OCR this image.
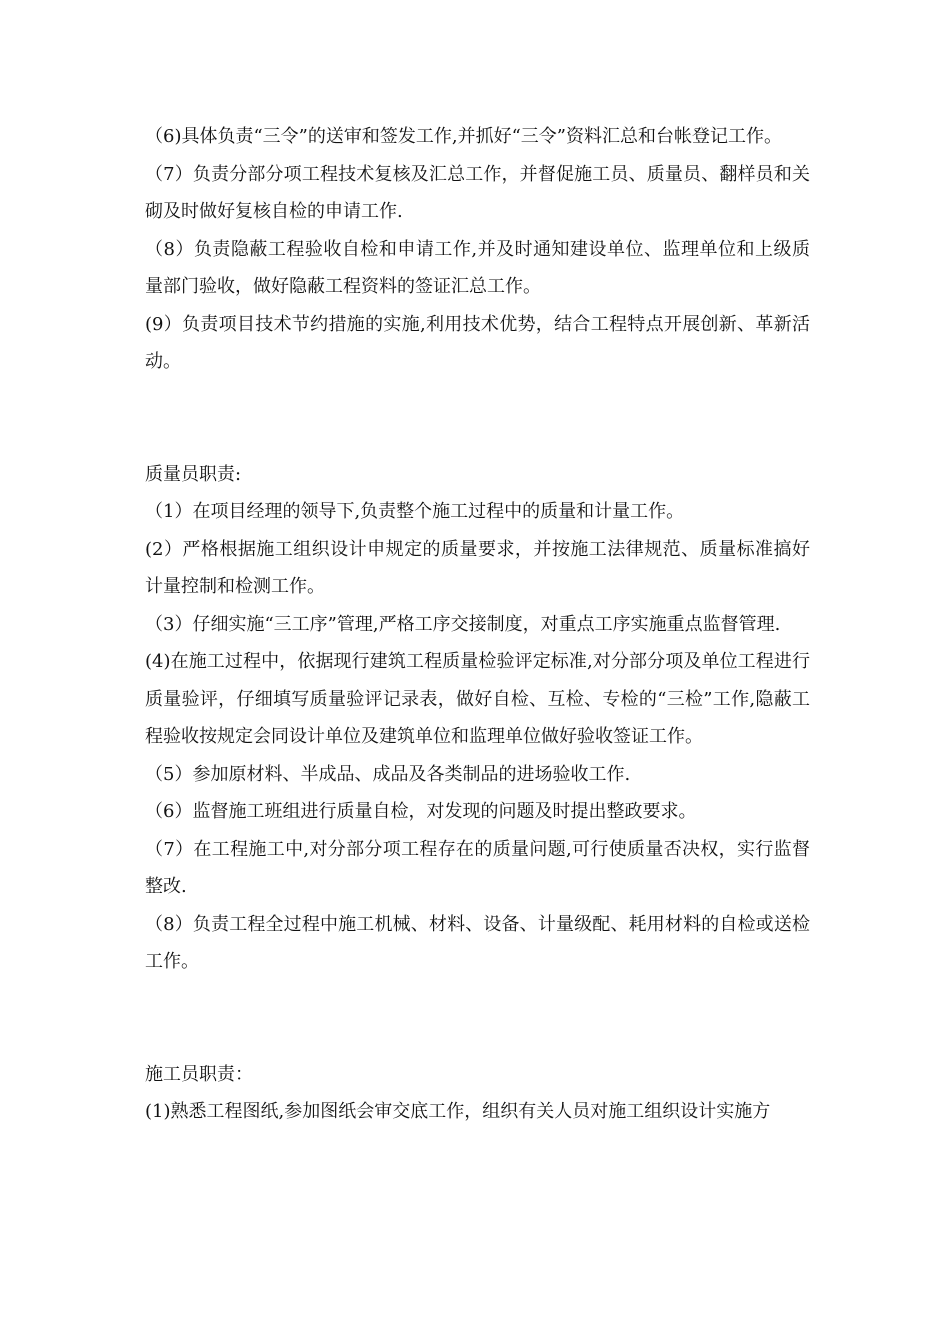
（6)具体负责“三令”的送审和签发工作,并抓好“三令”资料汇总和台帐登记工作。

（7）负责分部分项工程技术复核及汇总工作，并督促施工员、质量员、翻样员和关砌及时做好复核自检的申请工作.

（8）负责隐蔽工程验收自检和申请工作,并及时通知建设单位、监理单位和上级质量部门验收，做好隐蔽工程资料的签证汇总工作。

(9）负责项目技术节约措施的实施,利用技术优势，结合工程特点开展创新、革新活动。

质量员职责:

（1）在项目经理的领导下,负责整个施工过程中的质量和计量工作。

(2）严格根据施工组织设计申规定的质量要求，并按施工法律规范、质量标准搞好计量控制和检测工作。

（3）仔细实施“三工序”管理,严格工序交接制度，对重点工序实施重点监督管理.

(4)在施工过程中，依据现行建筑工程质量检验评定标准,对分部分项及单位工程进行质量验评，仔细填写质量验评记录表，做好自检、互检、专检的“三检”工作,隐蔽工程验收按规定会同设计单位及建筑单位和监理单位做好验收签证工作。

（5）参加原材料、半成品、成品及各类制品的进场验收工作.

（6）监督施工班组进行质量自检，对发现的问题及时提出整政要求。

（7）在工程施工中,对分部分项工程存在的质量问题,可行使质量否决权，实行监督整改.

（8）负责工程全过程中施工机械、材料、设备、计量级配、耗用材料的自检或送检工作。

施工员职责：

(1)熟悉工程图纸,参加图纸会审交底工作，组织有关人员对施工组织设计实施方
